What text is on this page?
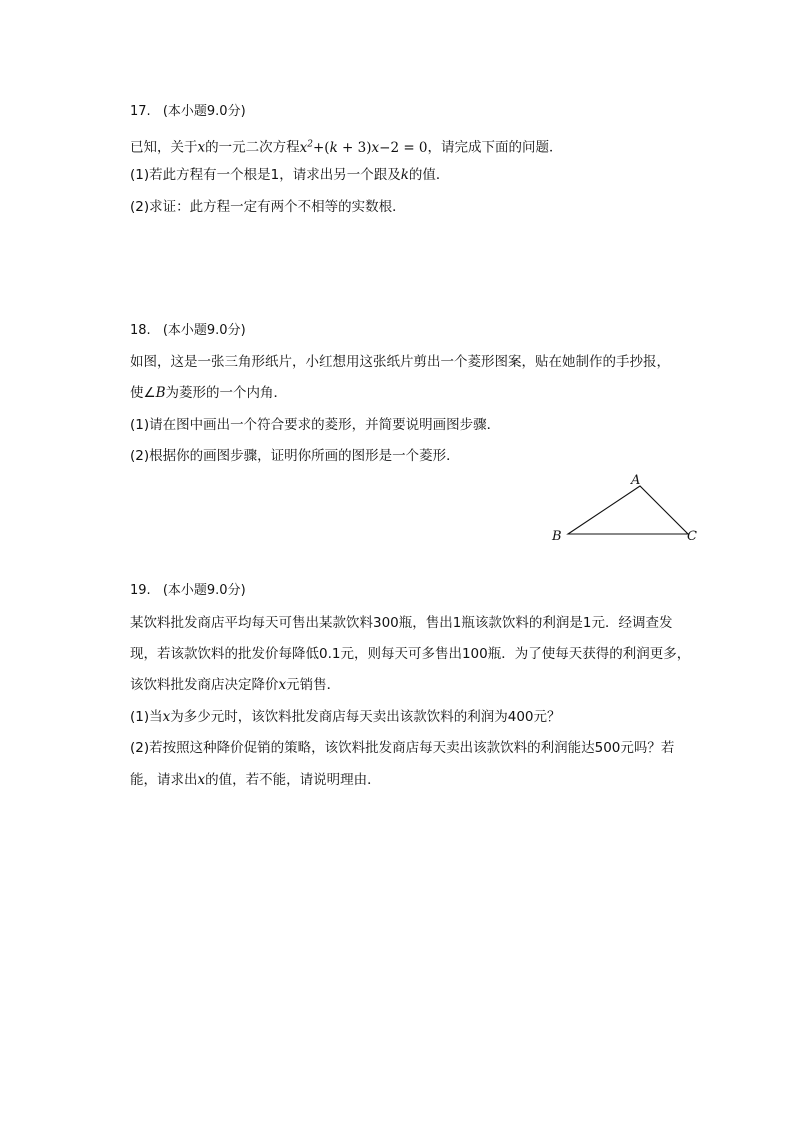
17. (本小题9.0分)
已知，关于x的一元二次方程$x^2+(k + 3)x-2 = 0$，请完成下面的问题．
(1)若此方程有一个根是1，请求出另一个跟及k的值．
(2)求证：此方程一定有两个不相等的实数根．
18. (本小题9.0分)
如图，这是一张三角形纸片，小红想用这张纸片剪出一个菱形图案，贴在她制作的手抄报，
使∠B为菱形的一个内角．
(1)请在图中画出一个符合要求的菱形，并简要说明画图步骤．
(2)根据你的画图步骤，证明你所画的图形是一个菱形．
A
B	C
19. (本小题9.0分)
某饮料批发商店平均每天可售出某款饮料300瓶，售出1瓶该款饮料的利润是1元．经调查发
现，若该款饮料的批发价每降低0.1元，则每天可多售出100瓶．为了使每天获得的利润更多，
该饮料批发商店决定降价x元销售．
(1)当x为多少元时，该饮料批发商店每天卖出该款饮料的利润为400元？
(2)若按照这种降价促销的策略，该饮料批发商店每天卖出该款饮料的利润能达500元吗？若
能，请求出x的值，若不能，请说明理由．
